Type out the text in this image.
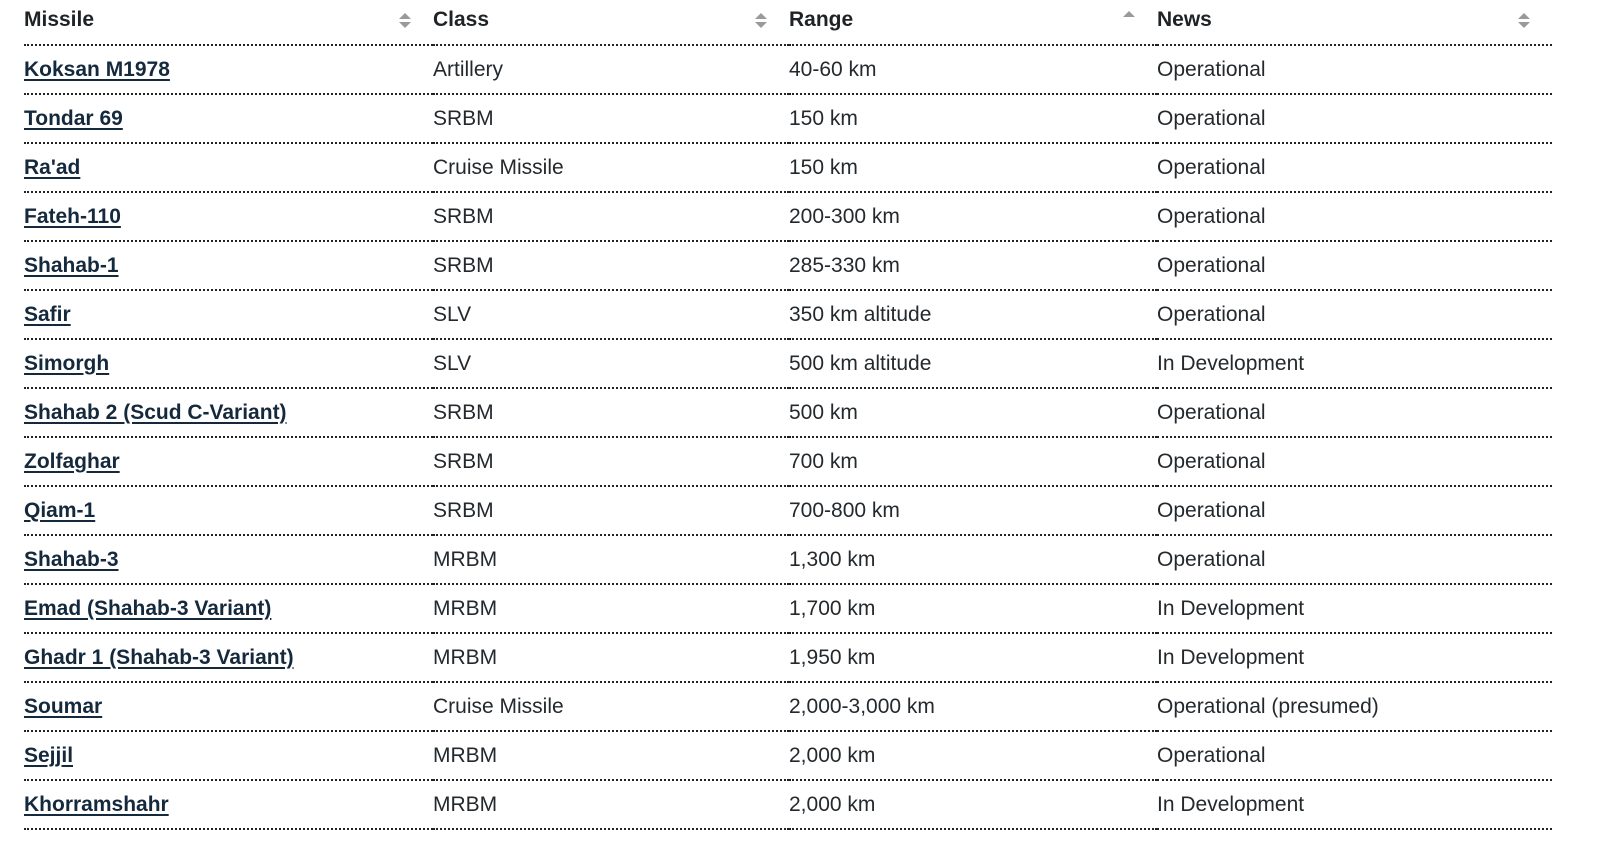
Missile	Class	Range	News

Koksan M1978	Artillery	40-60 km	Operational
Tondar 69	SRBM	150 km	Operational
Ra'ad	Cruise Missile	150 km	Operational
Fateh-110	SRBM	200-300 km	Operational
Shahab-1	SRBM	285-330 km	Operational
Safir	SLV	350 km altitude	Operational
Simorgh	SLV	500 km altitude	In Development
Shahab 2 (Scud C-Variant)	SRBM	500 km	Operational
Zolfaghar	SRBM	700 km	Operational
Qiam-1	SRBM	700-800 km	Operational
Shahab-3	MRBM	1,300 km	Operational
Emad (Shahab-3 Variant)	MRBM	1,700 km	In Development
Ghadr 1 (Shahab-3 Variant)	MRBM	1,950 km	In Development
Soumar	Cruise Missile	2,000-3,000 km	Operational (presumed)
Sejjil	MRBM	2,000 km	Operational
Khorramshahr	MRBM	2,000 km	In Development
